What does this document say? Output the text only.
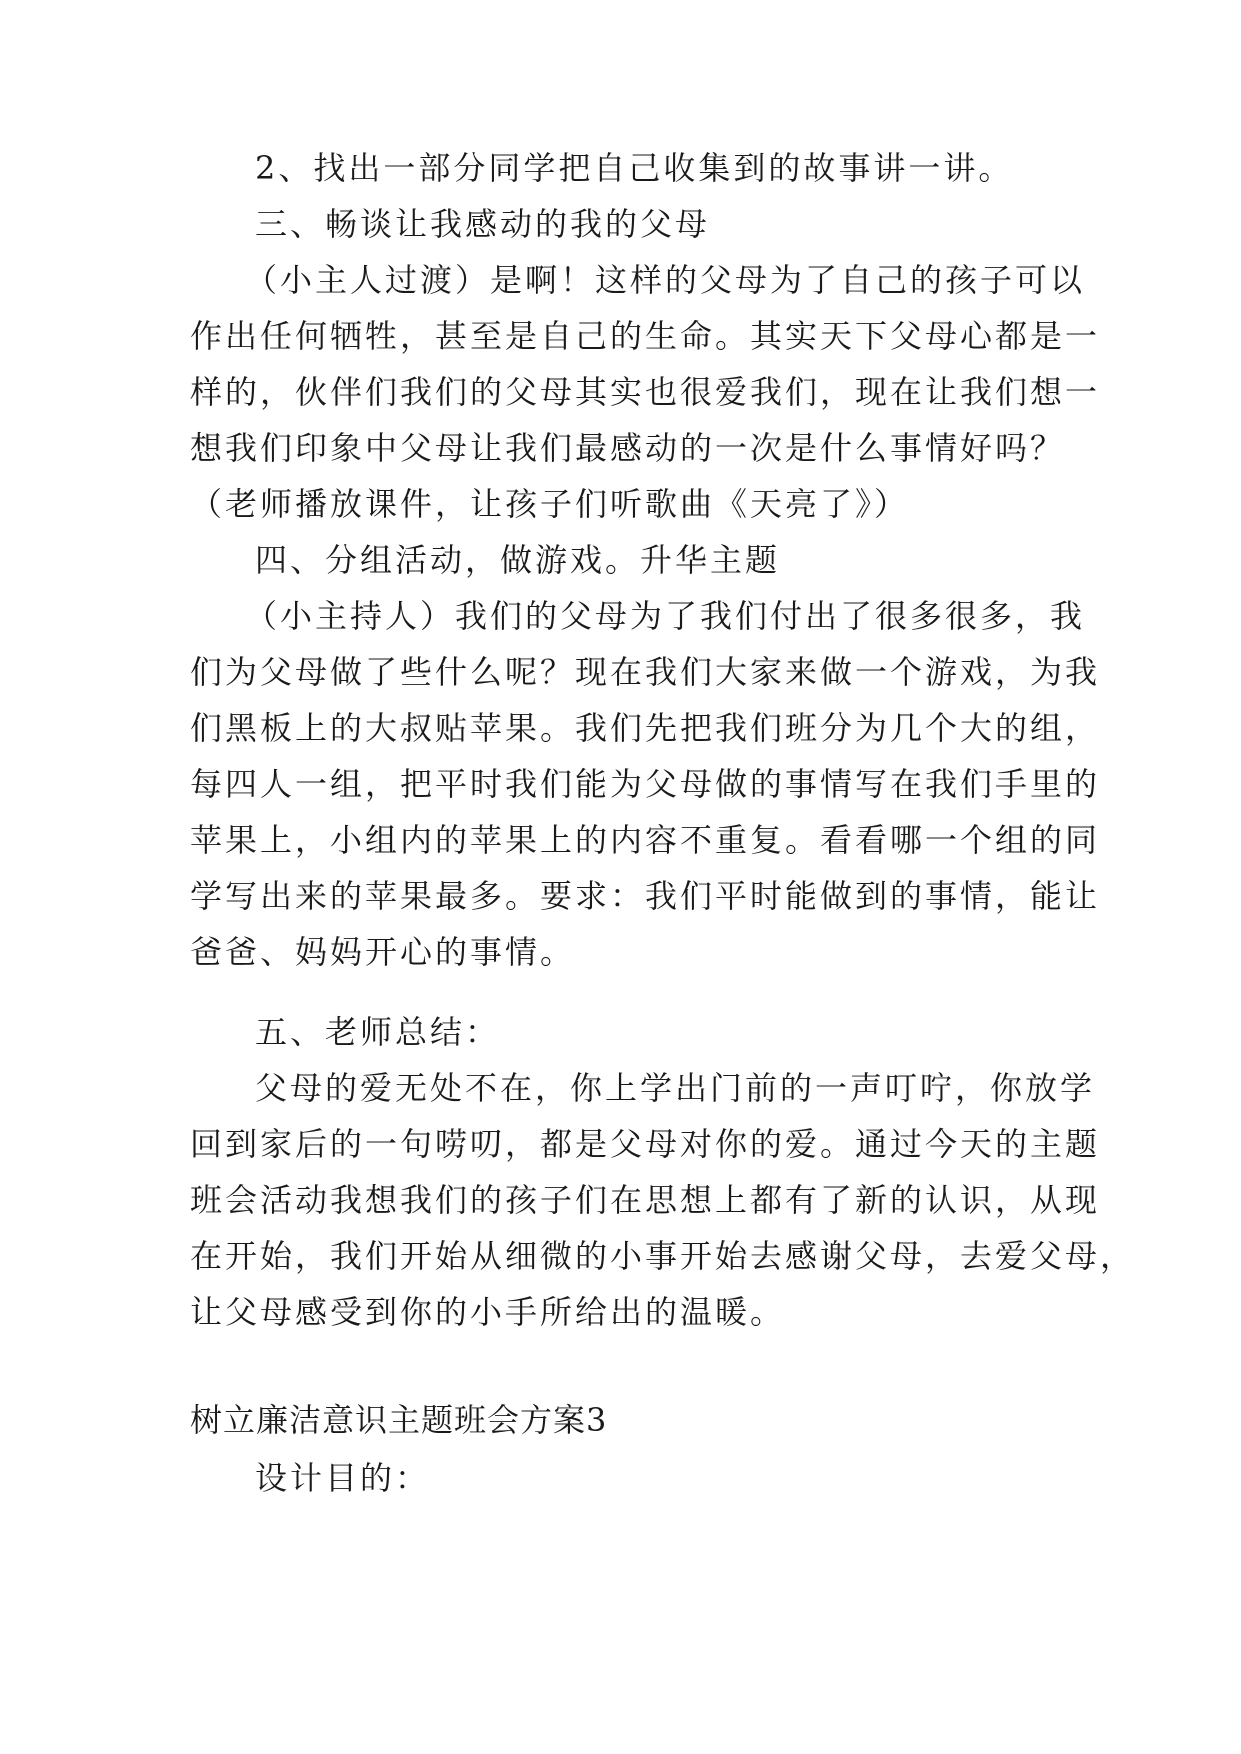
2、找出一部分同学把自己收集到的故事讲一讲。
三、畅谈让我感动的我的父母
（小主人过渡）是啊！这样的父母为了自己的孩子可以
作出任何牺牲，甚至是自己的生命。其实天下父母心都是一
样的，伙伴们我们的父母其实也很爱我们，现在让我们想一
想我们印象中父母让我们最感动的一次是什么事情好吗？
（老师播放课件，让孩子们听歌曲《天亮了》）
四、分组活动，做游戏。升华主题
（小主持人）我们的父母为了我们付出了很多很多，我
们为父母做了些什么呢？现在我们大家来做一个游戏，为我
们黑板上的大叔贴苹果。我们先把我们班分为几个大的组，
每四人一组，把平时我们能为父母做的事情写在我们手里的
苹果上，小组内的苹果上的内容不重复。看看哪一个组的同
学写出来的苹果最多。要求：我们平时能做到的事情，能让
爸爸、妈妈开心的事情。
五、老师总结：
父母的爱无处不在，你上学出门前的一声叮咛，你放学
回到家后的一句唠叨，都是父母对你的爱。通过今天的主题
班会活动我想我们的孩子们在思想上都有了新的认识，从现
在开始，我们开始从细微的小事开始去感谢父母，去爱父母，
让父母感受到你的小手所给出的温暖。
树立廉洁意识主题班会方案3
设计目的：
